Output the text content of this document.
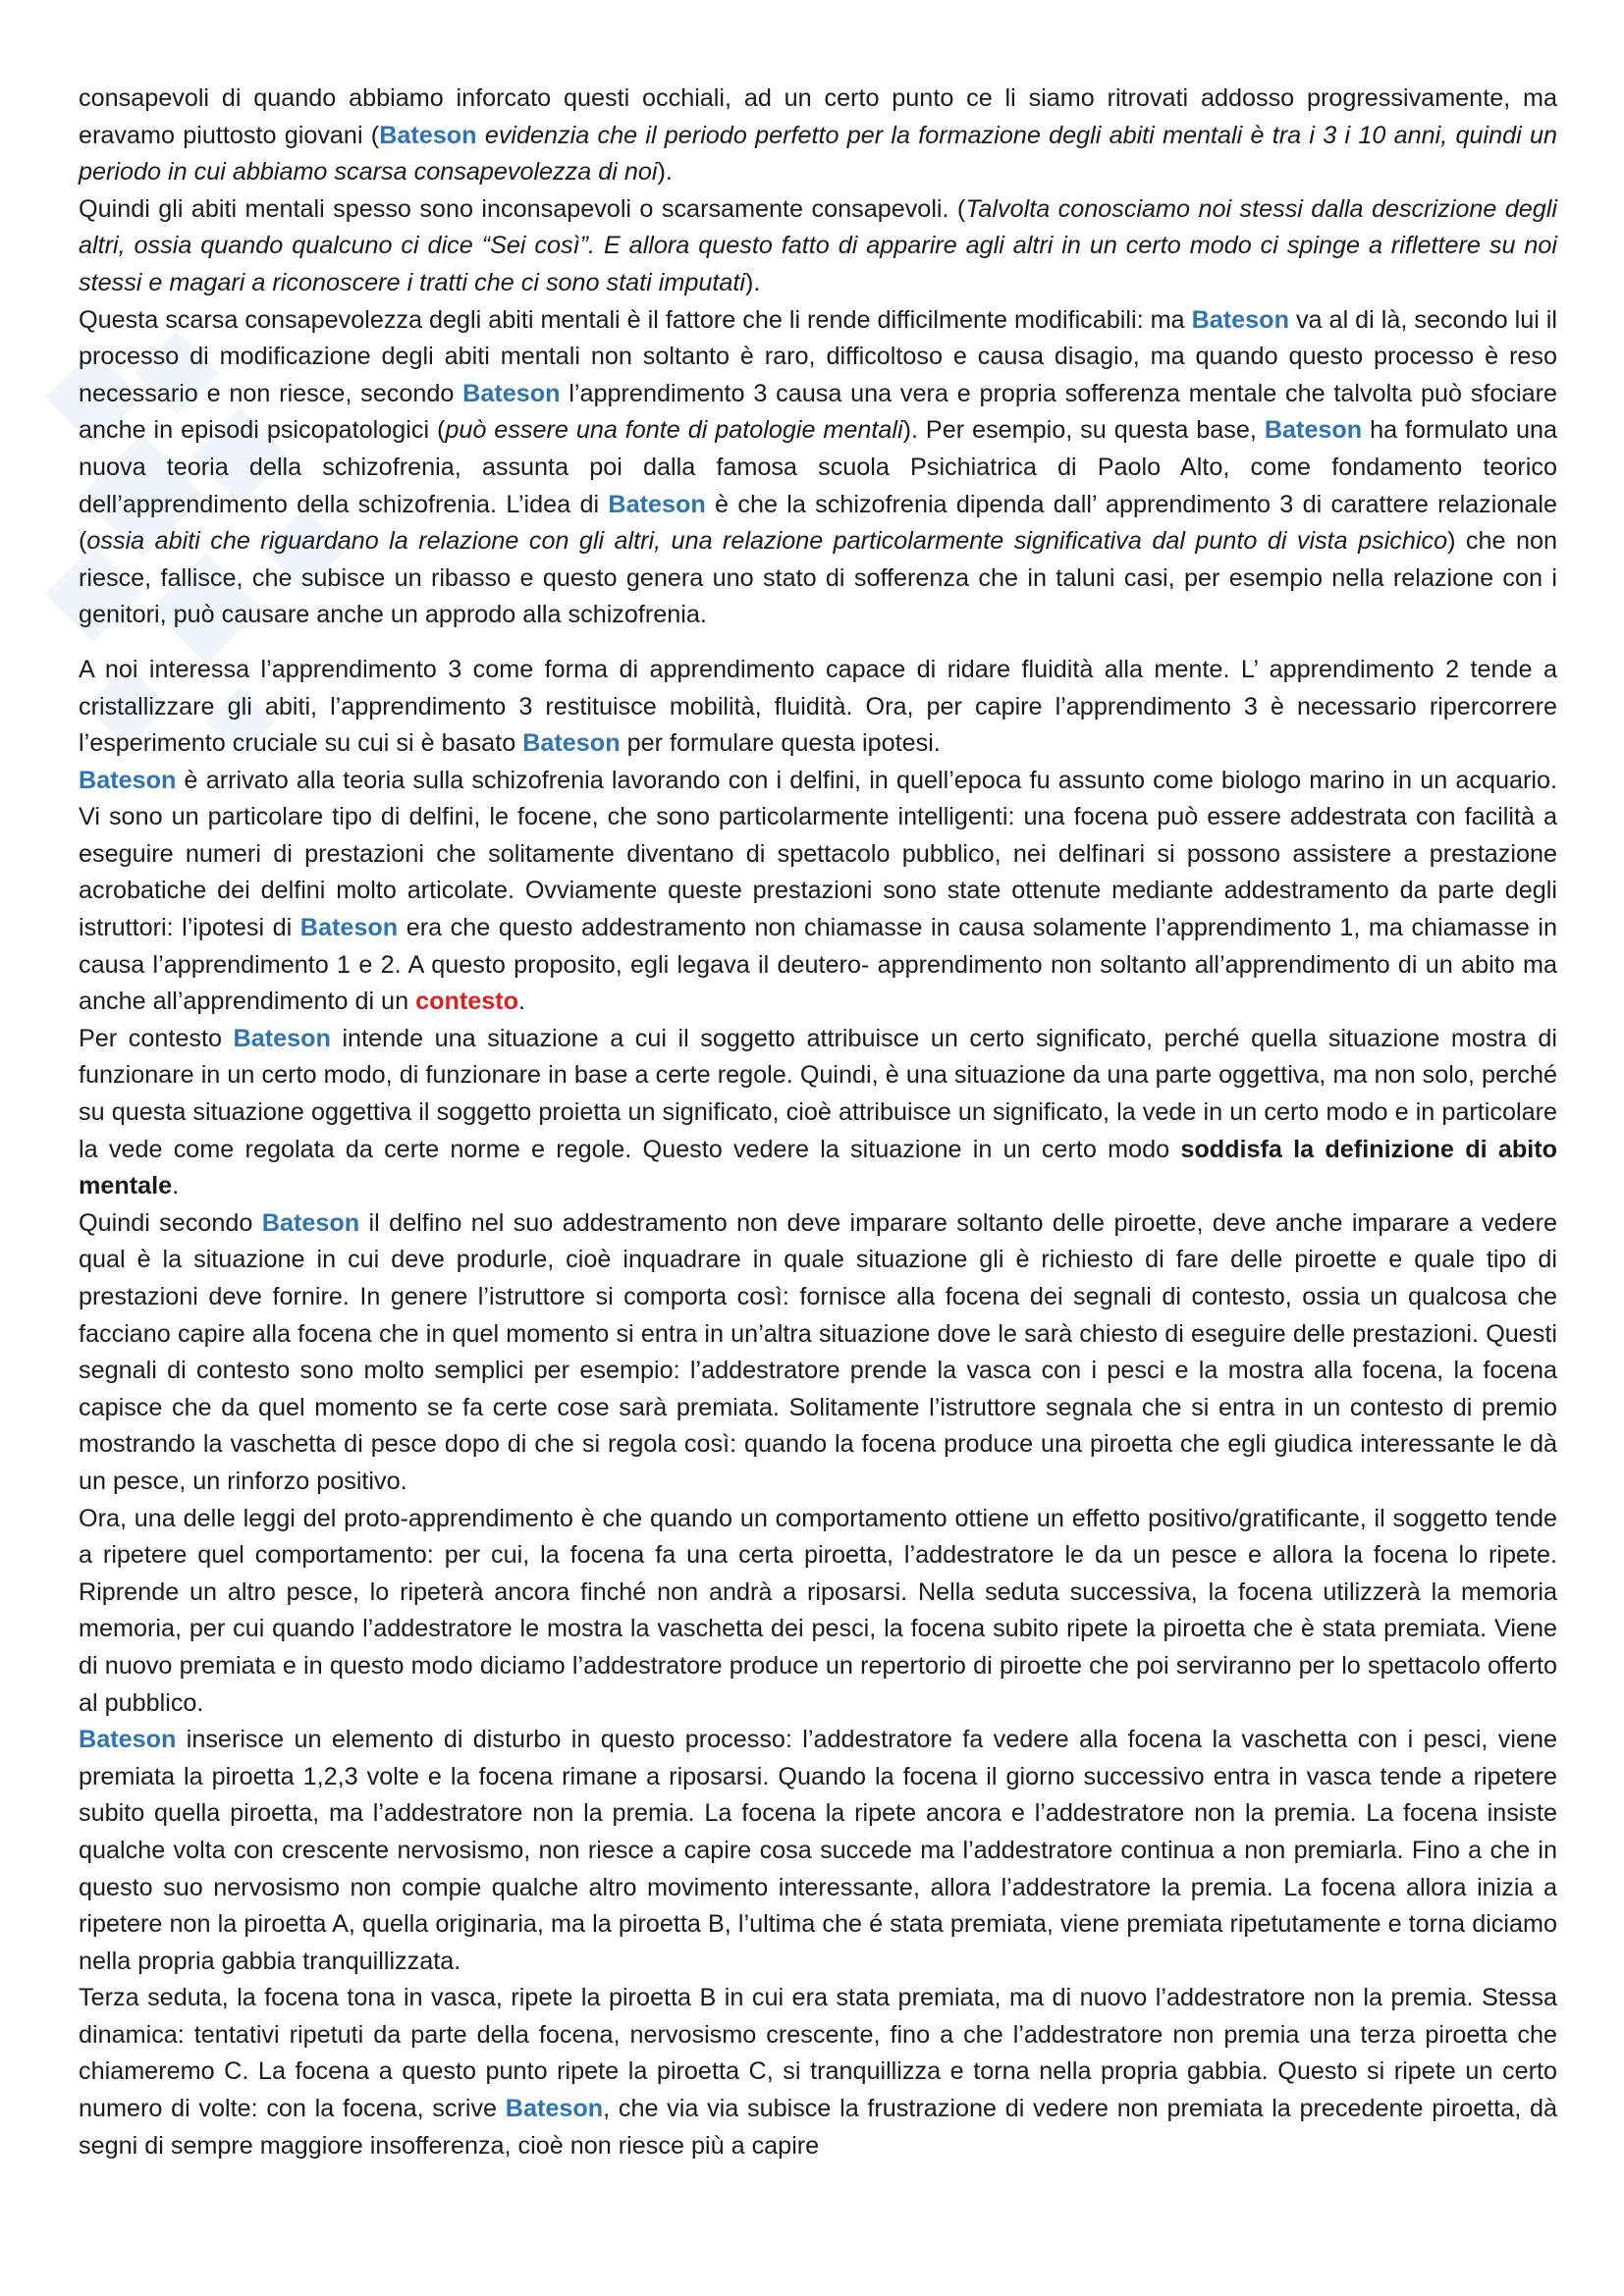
consapevoli di quando abbiamo inforcato questi occhiali, ad un certo punto ce li siamo ritrovati addosso progressivamente, ma eravamo piuttosto giovani (Bateson evidenzia che il periodo perfetto per la formazione degli abiti mentali è tra i 3 i 10 anni, quindi un periodo in cui abbiamo scarsa consapevolezza di noi).

Quindi gli abiti mentali spesso sono inconsapevoli o scarsamente consapevoli. (Talvolta conosciamo noi stessi dalla descrizione degli altri, ossia quando qualcuno ci dice “Sei così”. E allora questo fatto di apparire agli altri in un certo modo ci spinge a riflettere su noi stessi e magari a riconoscere i tratti che ci sono stati imputati).

Questa scarsa consapevolezza degli abiti mentali è il fattore che li rende difficilmente modificabili: ma Bateson va al di là, secondo lui il processo di modificazione degli abiti mentali non soltanto è raro, difficoltoso e causa disagio, ma quando questo processo è reso necessario e non riesce, secondo Bateson l’apprendimento 3 causa una vera e propria sofferenza mentale che talvolta può sfociare anche in episodi psicopatologici (può essere una fonte di patologie mentali). Per esempio, su questa base, Bateson ha formulato una nuova teoria della schizofrenia, assunta poi dalla famosa scuola Psichiatrica di Paolo Alto, come fondamento teorico dell’apprendimento della schizofrenia. L’idea di Bateson è che la schizofrenia dipenda dall’ apprendimento 3 di carattere relazionale (ossia abiti che riguardano la relazione con gli altri, una relazione particolarmente significativa dal punto di vista psichico) che non riesce, fallisce, che subisce un ribasso e questo genera uno stato di sofferenza che in taluni casi, per esempio nella relazione con i genitori, può causare anche un approdo alla schizofrenia.

A noi interessa l’apprendimento 3 come forma di apprendimento capace di ridare fluidità alla mente. L’ apprendimento 2 tende a cristallizzare gli abiti, l’apprendimento 3 restituisce mobilità, fluidità. Ora, per capire l’apprendimento 3 è necessario ripercorrere l’esperimento cruciale su cui si è basato Bateson per formulare questa ipotesi.

Bateson è arrivato alla teoria sulla schizofrenia lavorando con i delfini, in quell’epoca fu assunto come biologo marino in un acquario. Vi sono un particolare tipo di delfini, le focene, che sono particolarmente intelligenti: una focena può essere addestrata con facilità a eseguire numeri di prestazioni che solitamente diventano di spettacolo pubblico, nei delfinari si possono assistere a prestazione acrobatiche dei delfini molto articolate. Ovviamente queste prestazioni sono state ottenute mediante addestramento da parte degli istruttori: l’ipotesi di Bateson era che questo addestramento non chiamasse in causa solamente l’apprendimento 1, ma chiamasse in causa l’apprendimento 1 e 2. A questo proposito, egli legava il deutero- apprendimento non soltanto all’apprendimento di un abito ma anche all’apprendimento di un contesto.

Per contesto Bateson intende una situazione a cui il soggetto attribuisce un certo significato, perché quella situazione mostra di funzionare in un certo modo, di funzionare in base a certe regole. Quindi, è una situazione da una parte oggettiva, ma non solo, perché su questa situazione oggettiva il soggetto proietta un significato, cioè attribuisce un significato, la vede in un certo modo e in particolare la vede come regolata da certe norme e regole. Questo vedere la situazione in un certo modo soddisfa la definizione di abito mentale.

Quindi secondo Bateson il delfino nel suo addestramento non deve imparare soltanto delle piroette, deve anche imparare a vedere qual è la situazione in cui deve produrle, cioè inquadrare in quale situazione gli è richiesto di fare delle piroette e quale tipo di prestazioni deve fornire. In genere l’istruttore si comporta così: fornisce alla focena dei segnali di contesto, ossia un qualcosa che facciano capire alla focena che in quel momento si entra in un’altra situazione dove le sarà chiesto di eseguire delle prestazioni. Questi segnali di contesto sono molto semplici per esempio: l’addestratore prende la vasca con i pesci e la mostra alla focena, la focena capisce che da quel momento se fa certe cose sarà premiata. Solitamente l’istruttore segnala che si entra in un contesto di premio mostrando la vaschetta di pesce dopo di che si regola così: quando la focena produce una piroetta che egli giudica interessante le dà un pesce, un rinforzo positivo.

Ora, una delle leggi del proto-apprendimento è che quando un comportamento ottiene un effetto positivo/gratificante, il soggetto tende a ripetere quel comportamento: per cui, la focena fa una certa piroetta, l’addestratore le da un pesce e allora la focena lo ripete. Riprende un altro pesce, lo ripeterà ancora finché non andrà a riposarsi. Nella seduta successiva, la focena utilizzerà la memoria memoria, per cui quando l’addestratore le mostra la vaschetta dei pesci, la focena subito ripete la piroetta che è stata premiata. Viene di nuovo premiata e in questo modo diciamo l’addestratore produce un repertorio di piroette che poi serviranno per lo spettacolo offerto al pubblico.

Bateson inserisce un elemento di disturbo in questo processo: l’addestratore fa vedere alla focena la vaschetta con i pesci, viene premiata la piroetta 1,2,3 volte e la focena rimane a riposarsi. Quando la focena il giorno successivo entra in vasca tende a ripetere subito quella piroetta, ma l’addestratore non la premia. La focena la ripete ancora e l’addestratore non la premia. La focena insiste qualche volta con crescente nervosismo, non riesce a capire cosa succede ma l’addestratore continua a non premiarla. Fino a che in questo suo nervosismo non compie qualche altro movimento interessante, allora l’addestratore la premia. La focena allora inizia a ripetere non la piroetta A, quella originaria, ma la piroetta B, l’ultima che é stata premiata, viene premiata ripetutamente e torna diciamo nella propria gabbia tranquillizzata.

Terza seduta, la focena tona in vasca, ripete la piroetta B in cui era stata premiata, ma di nuovo l’addestratore non la premia. Stessa dinamica: tentativi ripetuti da parte della focena, nervosismo crescente, fino a che l’addestratore non premia una terza piroetta che chiameremo C. La focena a questo punto ripete la piroetta C, si tranquillizza e torna nella propria gabbia. Questo si ripete un certo numero di volte: con la focena, scrive Bateson, che via via subisce la frustrazione di vedere non premiata la precedente piroetta, dà segni di sempre maggiore insofferenza, cioè non riesce più a capire
